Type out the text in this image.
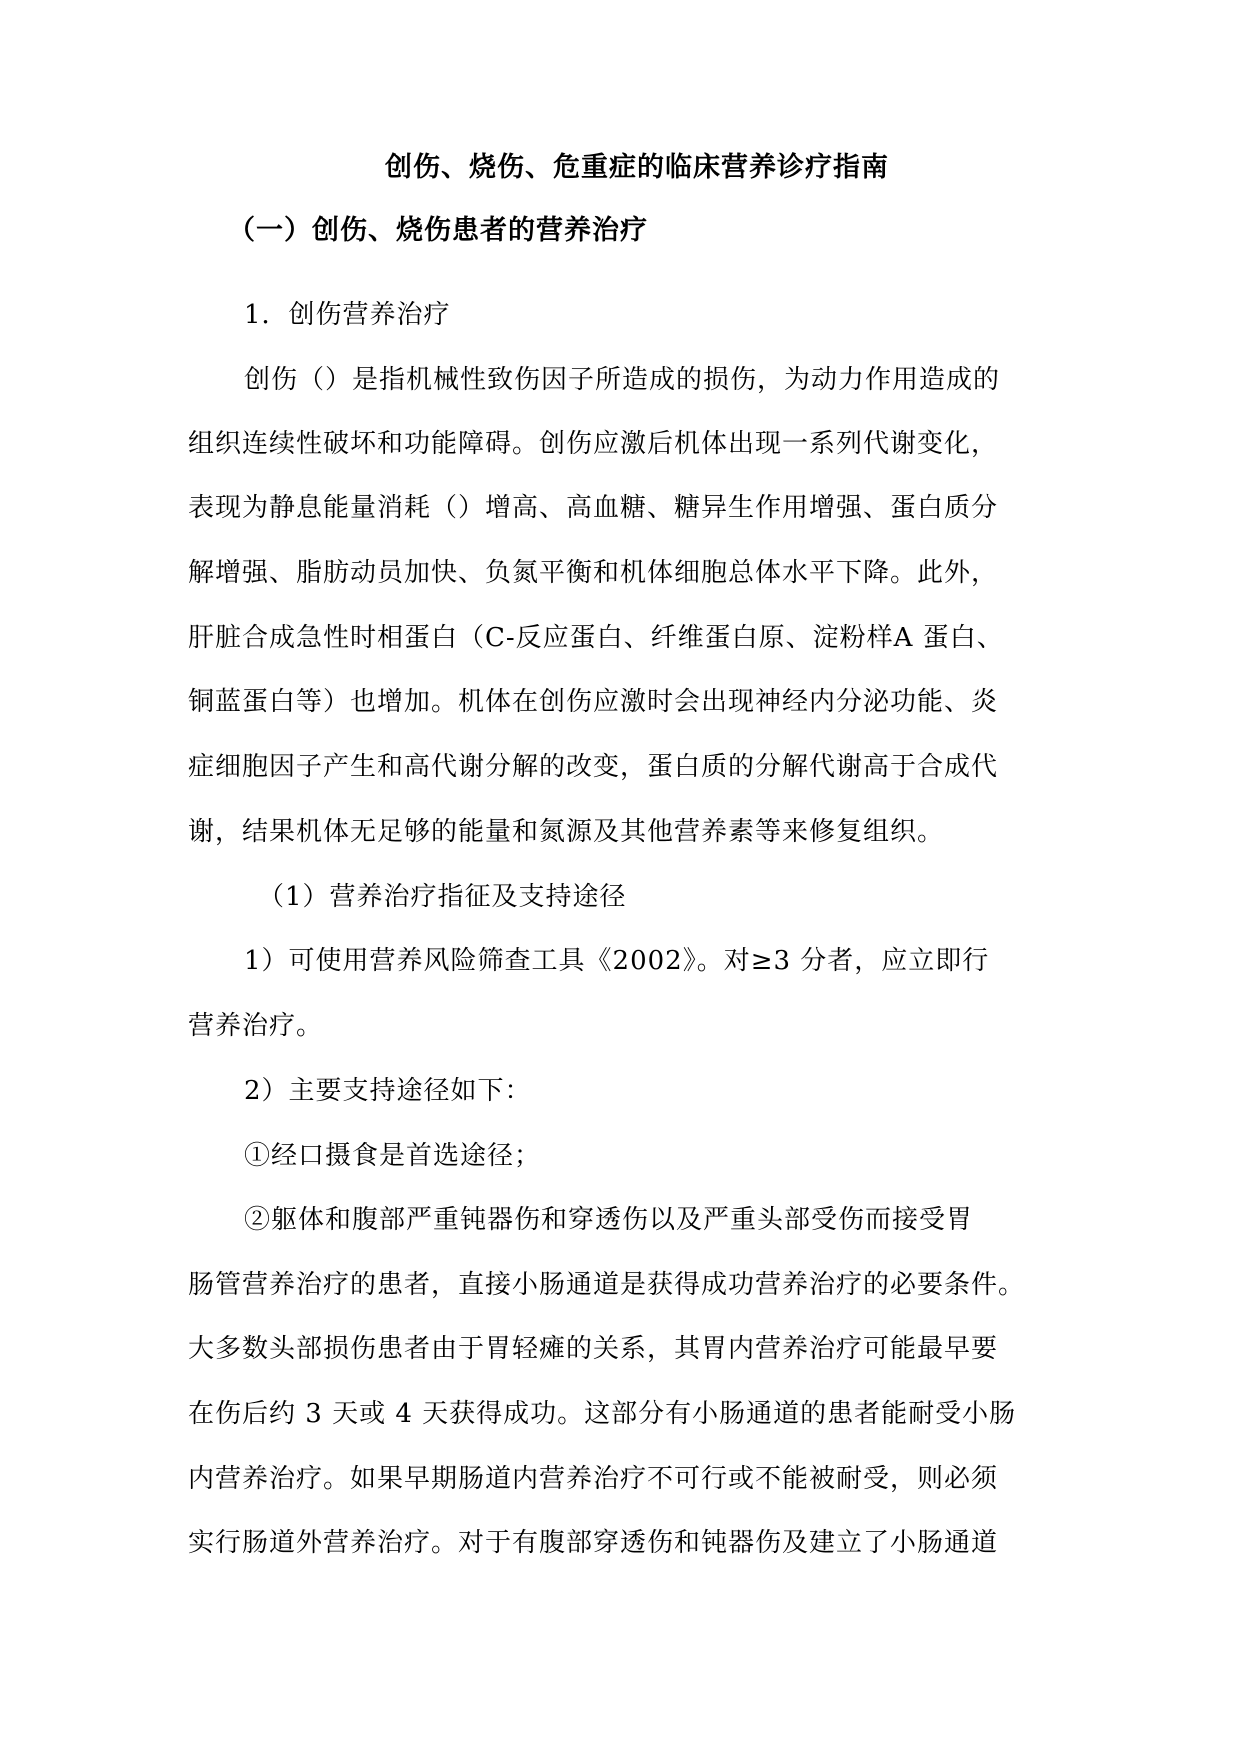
创伤、烧伤、危重症的临床营养诊疗指南
（一）创伤、烧伤患者的营养治疗
1．创伤营养治疗
创伤（）是指机械性致伤因子所造成的损伤，为动力作用造成的
组织连续性破坏和功能障碍。创伤应激后机体出现一系列代谢变化，
表现为静息能量消耗（）增高、高血糖、糖异生作用增强、蛋白质分
解增强、脂肪动员加快、负氮平衡和机体细胞总体水平下降。此外，
肝脏合成急性时相蛋白（C-反应蛋白、纤维蛋白原、淀粉样A 蛋白、
铜蓝蛋白等）也增加。机体在创伤应激时会出现神经内分泌功能、炎
症细胞因子产生和高代谢分解的改变，蛋白质的分解代谢高于合成代
谢，结果机体无足够的能量和氮源及其他营养素等来修复组织。
（1）营养治疗指征及支持途径
1）可使用营养风险筛查工具《2002》。对≥3 分者，应立即行
营养治疗。
2）主要支持途径如下：
①经口摄食是首选途径；
②躯体和腹部严重钝器伤和穿透伤以及严重头部受伤而接受胃
肠管营养治疗的患者，直接小肠通道是获得成功营养治疗的必要条件。
大多数头部损伤患者由于胃轻瘫的关系，其胃内营养治疗可能最早要
在伤后约 3 天或 4 天获得成功。这部分有小肠通道的患者能耐受小肠
内营养治疗。如果早期肠道内营养治疗不可行或不能被耐受，则必须
实行肠道外营养治疗。对于有腹部穿透伤和钝器伤及建立了小肠通道
